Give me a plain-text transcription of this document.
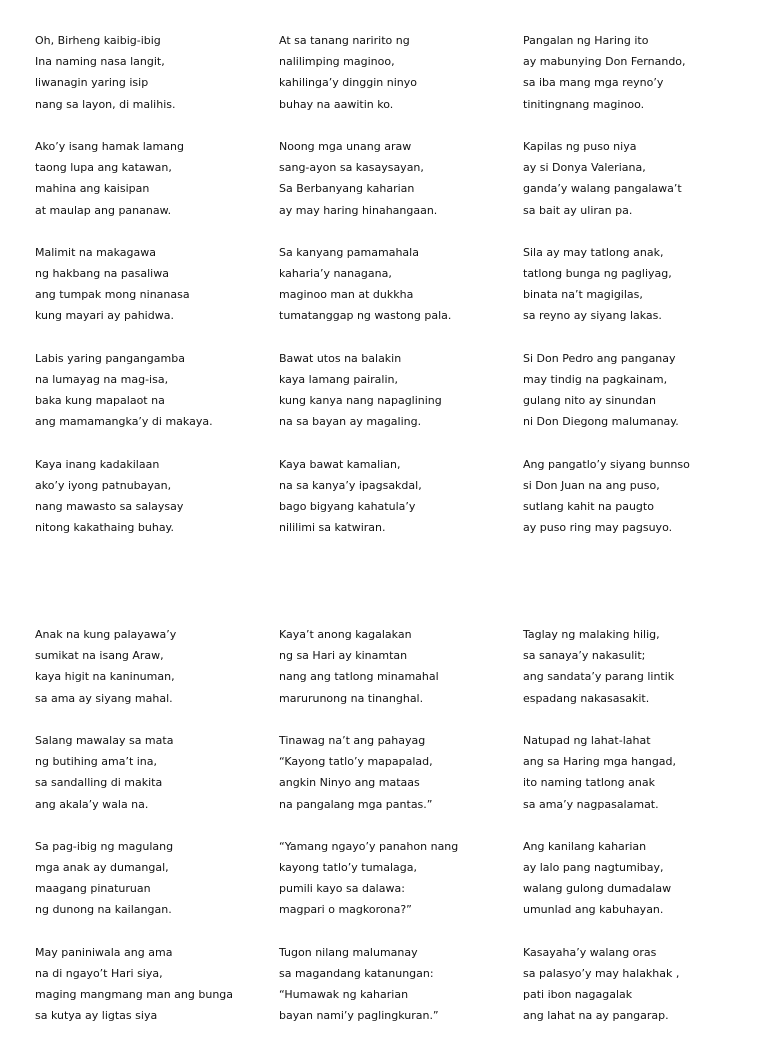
Oh, Birheng kaibig-ibig
Ina naming nasa langit,
liwanagin yaring isip
nang sa layon, di malihis.
Ako’y isang hamak lamang
taong lupa ang katawan,
mahina ang kaisipan
at maulap ang pananaw.
Malimit na makagawa
ng hakbang na pasaliwa
ang tumpak mong ninanasa
kung mayari ay pahidwa.
Labis yaring pangangamba
na lumayag na mag-isa,
baka kung mapalaot na
ang mamamangka’y di makaya.
Kaya inang kadakilaan
ako’y iyong patnubayan,
nang mawasto sa salaysay
nitong kakathaing buhay.
At sa tanang naririto ng
nalilimping maginoo,
kahilinga’y dinggin ninyo
buhay na aawitin ko.
Noong mga unang araw
sang-ayon sa kasaysayan,
Sa Berbanyang kaharian
ay may haring hinahangaan.
Sa kanyang pamamahala
kaharia’y nanagana,
maginoo man at dukkha
tumatanggap ng wastong pala.
Bawat utos na balakin
kaya lamang pairalin,
kung kanya nang napaglining
na sa bayan ay magaling.
Kaya bawat kamalian,
na sa kanya’y ipagsakdal,
bago bigyang kahatula’y
nililimi sa katwiran.
Pangalan ng Haring ito
ay mabunying Don Fernando,
sa iba mang mga reyno’y
tinitingnang maginoo.
Kapilas ng puso niya
ay si Donya Valeriana,
ganda’y walang pangalawa’t
sa bait ay uliran pa.
Sila ay may tatlong anak,
tatlong bunga ng pagliyag,
binata na’t magigilas,
sa reyno ay siyang lakas.
Si Don Pedro ang panganay
may tindig na pagkainam,
gulang nito ay sinundan
ni Don Diegong malumanay.
Ang pangatlo’y siyang bunnso
si Don Juan na ang puso,
sutlang kahit na paugto
ay puso ring may pagsuyo.
Anak na kung palayawa’y
sumikat na isang Araw,
kaya higit na kaninuman,
sa ama ay siyang mahal.
Salang mawalay sa mata
ng butihing ama’t ina,
sa sandalling di makita
ang akala’y wala na.
Sa pag-ibig ng magulang
mga anak ay dumangal,
maagang pinaturuan
ng dunong na kailangan.
May paniniwala ang ama
na di ngayo’t Hari siya,
maging mangmang man ang bunga
sa kutya ay ligtas siya
Kaya’t anong kagalakan
ng sa Hari ay kinamtan
nang ang tatlong minamahal
marurunong na tinanghal.
Tinawag na’t ang pahayag
“Kayong tatlo’y mapapalad,
angkin Ninyo ang mataas
na pangalang mga pantas.”
“Yamang ngayo’y panahon nang
kayong tatlo’y tumalaga,
pumili kayo sa dalawa:
magpari o magkorona?”
Tugon nilang malumanay
sa magandang katanungan:
“Humawak ng kaharian
bayan nami’y paglingkuran.”
Taglay ng malaking hilig,
sa sanaya’y nakasulit;
ang sandata’y parang lintik
espadang nakasasakit.
Natupad ng lahat-lahat
ang sa Haring mga hangad,
ito naming tatlong anak
sa ama’y nagpasalamat.
Ang kanilang kaharian
ay lalo pang nagtumibay,
walang gulong dumadalaw
umunlad ang kabuhayan.
Kasayaha’y walang oras
sa palasyo’y may halakhak ,
pati ibon nagagalak
ang lahat na ay pangarap.
